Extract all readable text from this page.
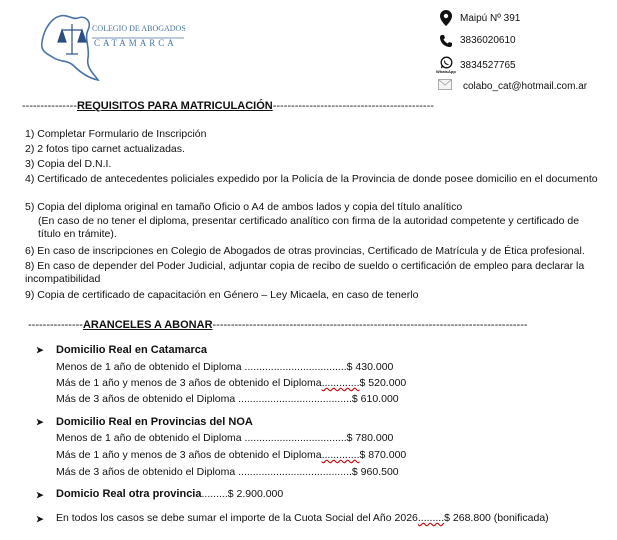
COLEGIO DE ABOGADOS
CATAMARCA
Maipú Nº 391
3836020610
WhatsApp
3834527765
colabo_cat@hotmail.com.ar
---------------REQUISITOS PARA MATRICULACIÓN--------------------------------------------
1) Completar Formulario de Inscripción
2) 2 fotos tipo carnet actualizadas.
3) Copia del D.N.I.
4) Certificado de antecedentes policiales expedido por la Policía de la Provincia de donde posee domicilio en el documento
5) Copia del diploma original en tamaño Oficio o A4 de ambos lados y copia del título analítico
(En caso de no tener el diploma, presentar certificado analítico con firma de la autoridad competente y certificado de título en trámite).
6) En caso de inscripciones en Colegio de Abogados de otras provincias, Certificado de Matrícula y de Ética profesional.
8) En caso de depender del Poder Judicial, adjuntar copia de recibo de sueldo o certificación de empleo para declarar la incompatibilidad
9) Copia de certificado de capacitación en Género – Ley Micaela, en caso de tenerlo
---------------ARANCELES A ABONAR--------------------------------------------------------------------------------------
➤ Domicilio Real en Catamarca
Menos de 1 año de obtenido el Diploma ...................................$ 430.000
Más de 1 año y menos de 3 años de obtenido el Diploma.............$ 520.000
Más de 3 años de obtenido el Diploma .......................................$ 610.000
➤ Domicilio Real en Provincias del NOA
Menos de 1 año de obtenido el Diploma ...................................$ 780.000
Más de 1 año y menos de 3 años de obtenido el Diploma.............$ 870.000
Más de 3 años de obtenido el Diploma .......................................$ 960.500
➤ Domicio Real otra provincia.........$ 2.900.000
➤ En todos los casos se debe sumar el importe de la Cuota Social del Año 2026.........$ 268.800 (bonificada)
